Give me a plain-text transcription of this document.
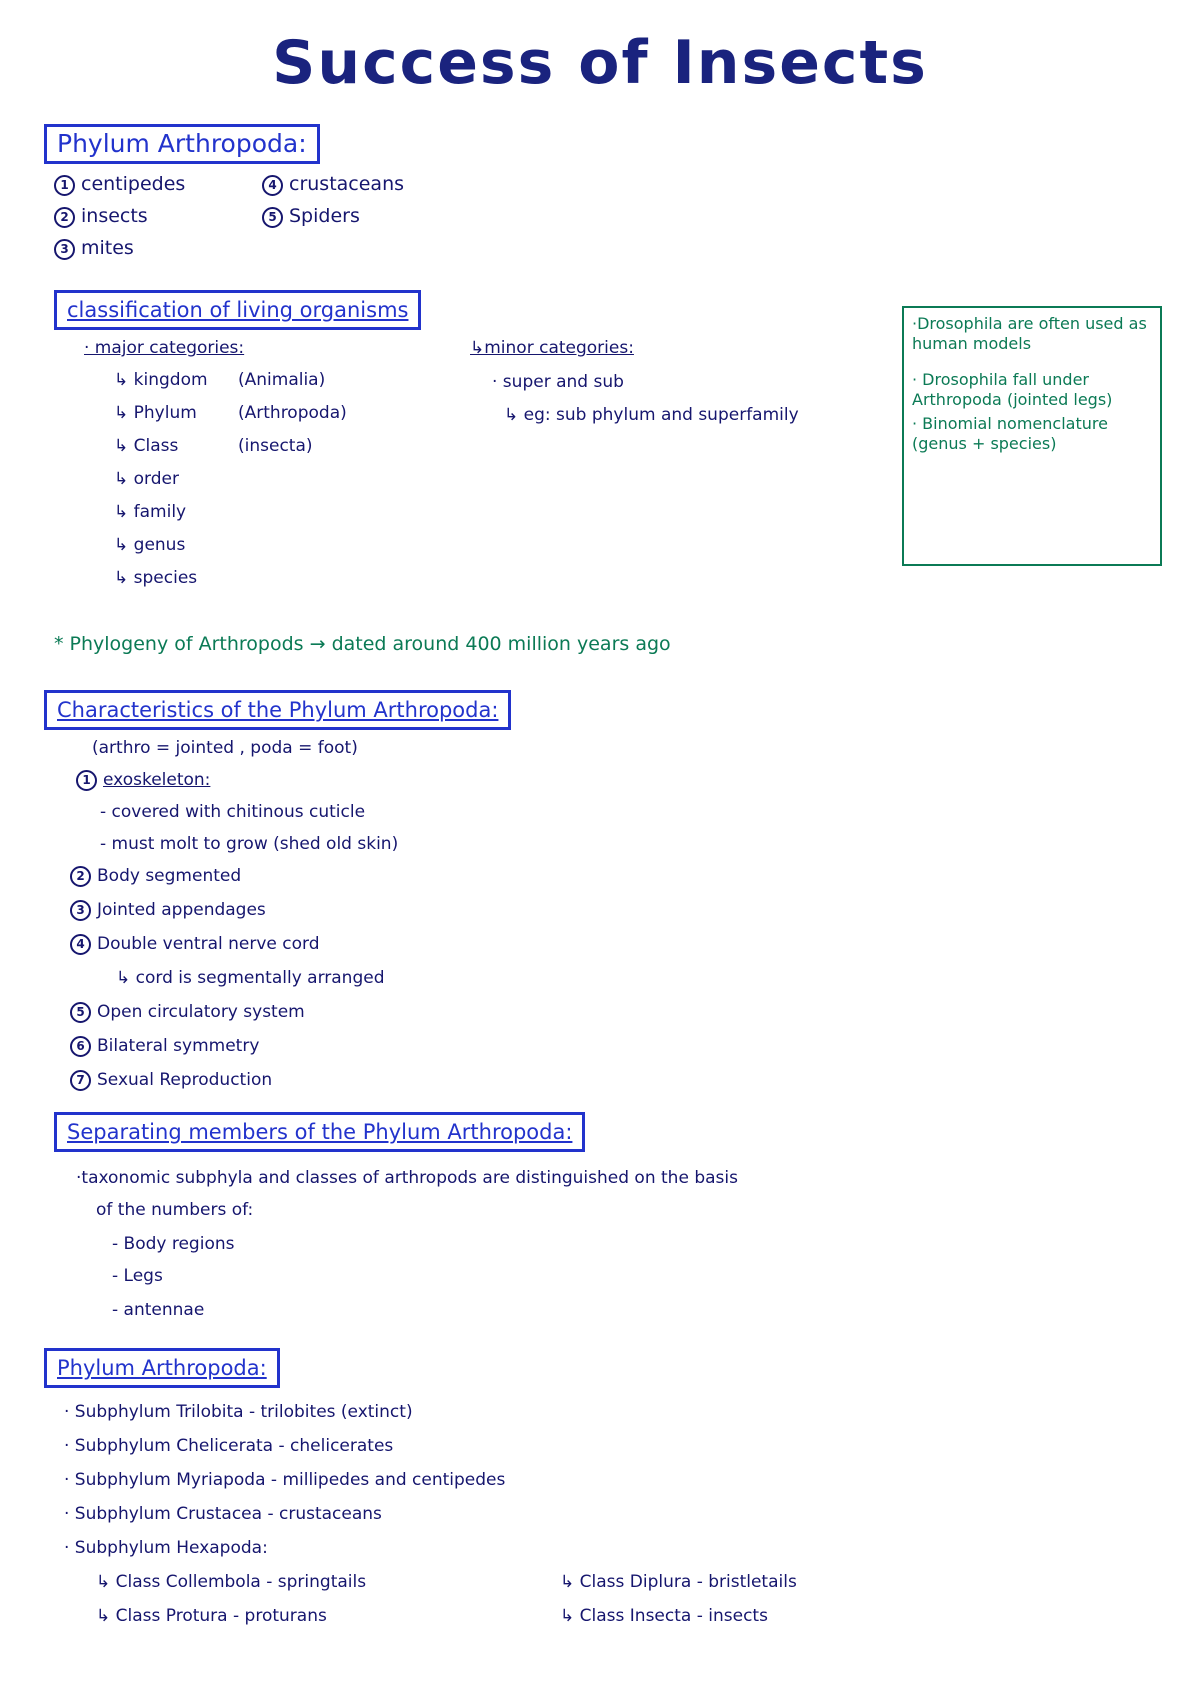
Success of Insects
Phylum Arthropoda:
1 centipedes
2 insects
3 mites
4 crustaceans
5 Spiders
classification of living organisms
· major categories:
↳ kingdom (Animalia)
↳ Phylum (Arthropoda)
↳ Class	(insecta)
↳ order
↳ family
↳ genus
↳ species
↳minor categories:
· super and sub
↳ eg: sub phylum and superfamily
·Drosophila are often used as human models
· Drosophila fall under Arthropoda (jointed legs)
· Binomial nomenclature (genus + species)
* Phylogeny of Arthropods → dated around 400 million years ago
Characteristics of the Phylum Arthropoda:
(arthro = jointed , poda = foot)
1 exoskeleton:
- covered with chitinous cuticle
- must molt to grow (shed old skin)
2 Body segmented
3 Jointed appendages
4 Double ventral nerve cord
↳ cord is segmentally arranged
5 Open circulatory system
6 Bilateral symmetry
7 Sexual Reproduction
Separating members of the Phylum Arthropoda:
·taxonomic subphyla and classes of arthropods are distinguished on the basis
of the numbers of:
- Body regions
- Legs
- antennae
Phylum Arthropoda:
· Subphylum Trilobita - trilobites (extinct)
· Subphylum Chelicerata - chelicerates
· Subphylum Myriapoda - millipedes and centipedes
· Subphylum Crustacea - crustaceans
· Subphylum Hexapoda:
↳ Class Collembola - springtails
↳ Class Protura - proturans
↳ Class Diplura - bristletails
↳ Class Insecta - insects
